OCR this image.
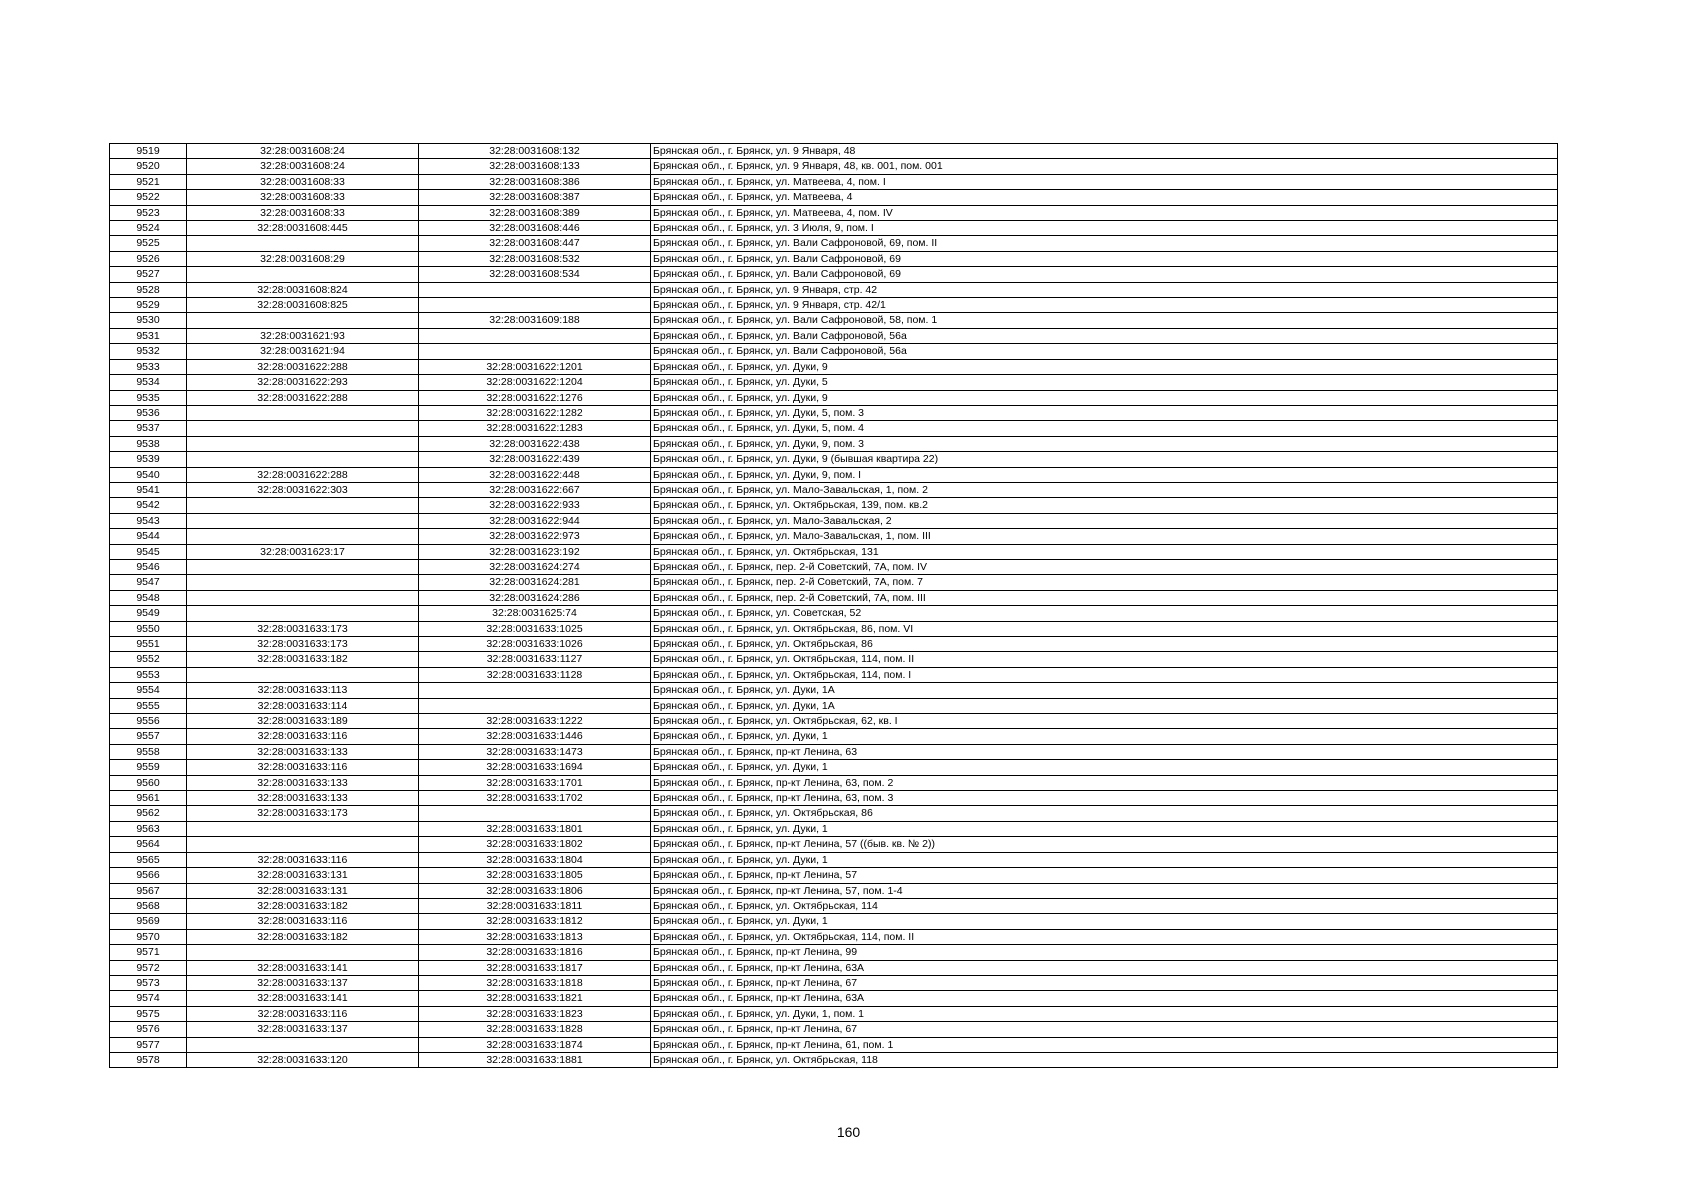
9519	32:28:0031608:24	32:28:0031608:132	Брянская обл., г. Брянск, ул. 9 Января, 48
9520	32:28:0031608:24	32:28:0031608:133	Брянская обл., г. Брянск, ул. 9 Января, 48, кв. 001, пом. 001
9521	32:28:0031608:33	32:28:0031608:386	Брянская обл., г. Брянск, ул. Матвеева, 4, пом. I
9522	32:28:0031608:33	32:28:0031608:387	Брянская обл., г. Брянск, ул. Матвеева, 4
9523	32:28:0031608:33	32:28:0031608:389	Брянская обл., г. Брянск, ул. Матвеева, 4, пом. IV
9524	32:28:0031608:445	32:28:0031608:446	Брянская обл., г. Брянск, ул. 3 Июля, 9, пом. I
9525		32:28:0031608:447	Брянская обл., г. Брянск, ул. Вали Сафроновой, 69, пом. II
9526	32:28:0031608:29	32:28:0031608:532	Брянская обл., г. Брянск, ул. Вали Сафроновой, 69
9527		32:28:0031608:534	Брянская обл., г. Брянск, ул. Вали Сафроновой, 69
9528	32:28:0031608:824		Брянская обл., г. Брянск, ул. 9 Января, стр. 42
9529	32:28:0031608:825		Брянская обл., г. Брянск, ул. 9 Января, стр. 42/1
9530		32:28:0031609:188	Брянская обл., г. Брянск, ул. Вали Сафроновой, 58, пом. 1
9531	32:28:0031621:93		Брянская обл., г. Брянск, ул. Вали Сафроновой, 56а
9532	32:28:0031621:94		Брянская обл., г. Брянск, ул. Вали Сафроновой, 56а
9533	32:28:0031622:288	32:28:0031622:1201	Брянская обл., г. Брянск, ул. Дуки, 9
9534	32:28:0031622:293	32:28:0031622:1204	Брянская обл., г. Брянск, ул. Дуки, 5
9535	32:28:0031622:288	32:28:0031622:1276	Брянская обл., г. Брянск, ул. Дуки, 9
9536		32:28:0031622:1282	Брянская обл., г. Брянск, ул. Дуки, 5, пом. 3
9537		32:28:0031622:1283	Брянская обл., г. Брянск, ул. Дуки, 5, пом. 4
9538		32:28:0031622:438	Брянская обл., г. Брянск, ул. Дуки, 9, пом. 3
9539		32:28:0031622:439	Брянская обл., г. Брянск, ул. Дуки, 9 (бывшая квартира 22)
9540	32:28:0031622:288	32:28:0031622:448	Брянская обл., г. Брянск, ул. Дуки, 9, пом. I
9541	32:28:0031622:303	32:28:0031622:667	Брянская обл., г. Брянск, ул. Мало-Завальская, 1, пом. 2
9542		32:28:0031622:933	Брянская обл., г. Брянск, ул. Октябрьская, 139, пом. кв.2
9543		32:28:0031622:944	Брянская обл., г. Брянск, ул. Мало-Завальская, 2
9544		32:28:0031622:973	Брянская обл., г. Брянск, ул. Мало-Завальская, 1, пом. III
9545	32:28:0031623:17	32:28:0031623:192	Брянская обл., г. Брянск, ул. Октябрьская, 131
9546		32:28:0031624:274	Брянская обл., г. Брянск, пер. 2-й Советский, 7А, пом. IV
9547		32:28:0031624:281	Брянская обл., г. Брянск, пер. 2-й Советский, 7А, пом. 7
9548		32:28:0031624:286	Брянская обл., г. Брянск, пер. 2-й Советский, 7А, пом. III
9549		32:28:0031625:74	Брянская обл., г. Брянск, ул. Советская, 52
9550	32:28:0031633:173	32:28:0031633:1025	Брянская обл., г. Брянск, ул. Октябрьская, 86, пом. VI
9551	32:28:0031633:173	32:28:0031633:1026	Брянская обл., г. Брянск, ул. Октябрьская, 86
9552	32:28:0031633:182	32:28:0031633:1127	Брянская обл., г. Брянск, ул. Октябрьская, 114, пом. II
9553		32:28:0031633:1128	Брянская обл., г. Брянск, ул. Октябрьская, 114, пом. I
9554	32:28:0031633:113		Брянская обл., г. Брянск, ул. Дуки, 1А
9555	32:28:0031633:114		Брянская обл., г. Брянск, ул. Дуки, 1А
9556	32:28:0031633:189	32:28:0031633:1222	Брянская обл., г. Брянск, ул. Октябрьская, 62, кв. I
9557	32:28:0031633:116	32:28:0031633:1446	Брянская обл., г. Брянск, ул. Дуки, 1
9558	32:28:0031633:133	32:28:0031633:1473	Брянская обл., г. Брянск, пр-кт Ленина, 63
9559	32:28:0031633:116	32:28:0031633:1694	Брянская обл., г. Брянск, ул. Дуки, 1
9560	32:28:0031633:133	32:28:0031633:1701	Брянская обл., г. Брянск, пр-кт Ленина, 63, пом. 2
9561	32:28:0031633:133	32:28:0031633:1702	Брянская обл., г. Брянск, пр-кт Ленина, 63, пом. 3
9562	32:28:0031633:173		Брянская обл., г. Брянск, ул. Октябрьская, 86
9563		32:28:0031633:1801	Брянская обл., г. Брянск, ул. Дуки, 1
9564		32:28:0031633:1802	Брянская обл., г. Брянск, пр-кт Ленина, 57 ((быв. кв. № 2))
9565	32:28:0031633:116	32:28:0031633:1804	Брянская обл., г. Брянск, ул. Дуки, 1
9566	32:28:0031633:131	32:28:0031633:1805	Брянская обл., г. Брянск, пр-кт Ленина, 57
9567	32:28:0031633:131	32:28:0031633:1806	Брянская обл., г. Брянск, пр-кт Ленина, 57, пом. 1-4
9568	32:28:0031633:182	32:28:0031633:1811	Брянская обл., г. Брянск, ул. Октябрьская, 114
9569	32:28:0031633:116	32:28:0031633:1812	Брянская обл., г. Брянск, ул. Дуки, 1
9570	32:28:0031633:182	32:28:0031633:1813	Брянская обл., г. Брянск, ул. Октябрьская, 114, пом. II
9571		32:28:0031633:1816	Брянская обл., г. Брянск, пр-кт Ленина, 99
9572	32:28:0031633:141	32:28:0031633:1817	Брянская обл., г. Брянск, пр-кт Ленина, 63А
9573	32:28:0031633:137	32:28:0031633:1818	Брянская обл., г. Брянск, пр-кт Ленина, 67
9574	32:28:0031633:141	32:28:0031633:1821	Брянская обл., г. Брянск, пр-кт Ленина, 63А
9575	32:28:0031633:116	32:28:0031633:1823	Брянская обл., г. Брянск, ул. Дуки, 1, пом. 1
9576	32:28:0031633:137	32:28:0031633:1828	Брянская обл., г. Брянск, пр-кт Ленина, 67
9577		32:28:0031633:1874	Брянская обл., г. Брянск, пр-кт Ленина, 61, пом. 1
9578	32:28:0031633:120	32:28:0031633:1881	Брянская обл., г. Брянск, ул. Октябрьская, 118
160
